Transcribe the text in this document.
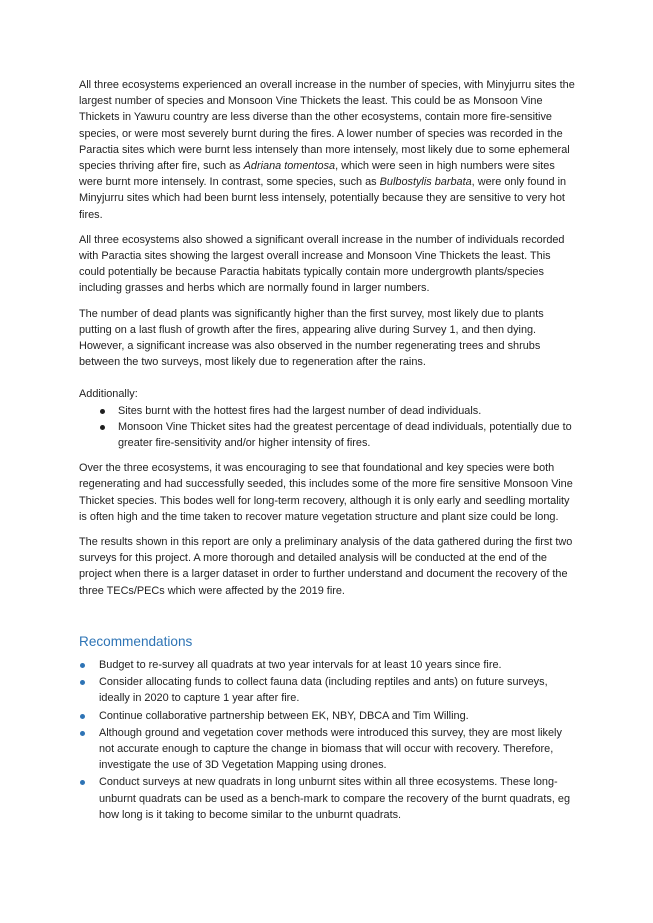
All three ecosystems experienced an overall increase in the number of species, with Minyjurru sites the largest number of species and Monsoon Vine Thickets the least. This could be as Monsoon Vine Thickets in Yawuru country are less diverse than the other ecosystems, contain more fire-sensitive species, or were most severely burnt during the fires. A lower number of species was recorded in the Paractia sites which were burnt less intensely than more intensely, most likely due to some ephemeral species thriving after fire, such as Adriana tomentosa, which were seen in high numbers were sites were burnt more intensely. In contrast, some species, such as Bulbostylis barbata, were only found in Minyjurru sites which had been burnt less intensely, potentially because they are sensitive to very hot fires.

All three ecosystems also showed a significant overall increase in the number of individuals recorded with Paractia sites showing the largest overall increase and Monsoon Vine Thickets the least. This could potentially be because Paractia habitats typically contain more undergrowth plants/species including grasses and herbs which are normally found in larger numbers.

The number of dead plants was significantly higher than the first survey, most likely due to plants putting on a last flush of growth after the fires, appearing alive during Survey 1, and then dying. However, a significant increase was also observed in the number regenerating trees and shrubs between the two surveys, most likely due to regeneration after the rains.

Additionally:

Sites burnt with the hottest fires had the largest number of dead individuals.
Monsoon Vine Thicket sites had the greatest percentage of dead individuals, potentially due to greater fire-sensitivity and/or higher intensity of fires.

Over the three ecosystems, it was encouraging to see that foundational and key species were both regenerating and had successfully seeded, this includes some of the more fire sensitive Monsoon Vine Thicket species. This bodes well for long-term recovery, although it is only early and seedling mortality is often high and the time taken to recover mature vegetation structure and plant size could be long.

The results shown in this report are only a preliminary analysis of the data gathered during the first two surveys for this project. A more thorough and detailed analysis will be conducted at the end of the project when there is a larger dataset in order to further understand and document the recovery of the three TECs/PECs which were affected by the 2019 fire.

Recommendations
Budget to re-survey all quadrats at two year intervals for at least 10 years since fire.
Consider allocating funds to collect fauna data (including reptiles and ants) on future surveys, ideally in 2020 to capture 1 year after fire.
Continue collaborative partnership between EK, NBY, DBCA and Tim Willing.
Although ground and vegetation cover methods were introduced this survey, they are most likely not accurate enough to capture the change in biomass that will occur with recovery. Therefore, investigate the use of 3D Vegetation Mapping using drones.
Conduct surveys at new quadrats in long unburnt sites within all three ecosystems. These long-unburnt quadrats can be used as a bench-mark to compare the recovery of the burnt quadrats, eg how long is it taking to become similar to the unburnt quadrats.
